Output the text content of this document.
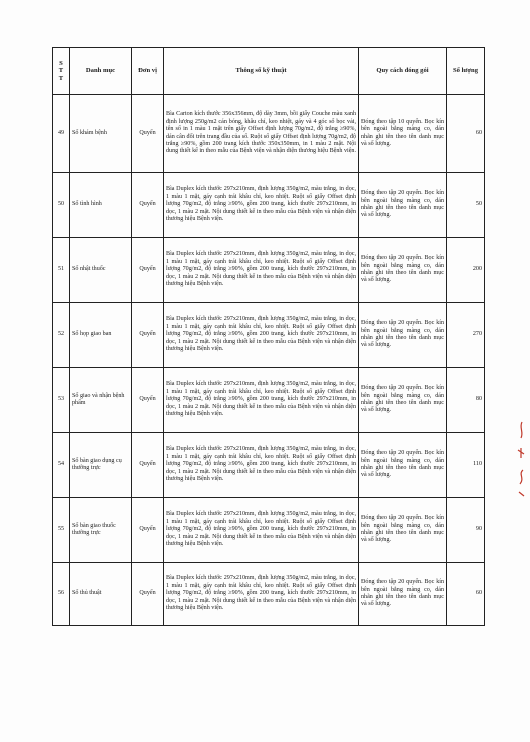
STT	Danh mục	Đơn vị	Thông số kỹ thuật	Quy cách đóng gói	Số lượng
49	Sổ khám bệnh	Quyển	Bìa Carton kích thước 356x356mm, độ dày 3mm, bồi giấy Couche màu xanh định lượng 250g/m2 cán bóng, khâu chỉ, keo nhiệt, gáy và 4 góc sổ bọc vải, tên sổ in 1 màu 1 mặt trên giấy Offset định lượng 70g/m2, độ trắng ≥90%, dán cân đối trên trang đầu của sổ. Ruột sổ giấy Offset định lượng 70g/m2, độ trắng ≥90%, gồm 200 trang kích thước 350x350mm, in 1 màu 2 mặt. Nội dung thiết kế in theo mẫu của Bệnh viện và nhận diện thương hiệu Bệnh viện.	Đóng theo tập 10 quyển. Bọc kín bên ngoài bằng màng co, dán nhãn ghi tên theo tên danh mục và số lượng.	60
50	Sổ tình hình	Quyển	Bìa Duplex kích thước 297x210mm, định lượng 350g/m2, màu trắng, in dọc, 1 màu 1 mặt, gáy cạnh trái khâu chỉ, keo nhiệt. Ruột sổ giấy Offset định lượng 70g/m2, độ trắng ≥90%, gồm 200 trang, kích thước 297x210mm, in dọc, 1 màu 2 mặt. Nội dung thiết kế in theo mẫu của Bệnh viện và nhận diện thương hiệu Bệnh viện.	Đóng theo tập 20 quyển. Bọc kín bên ngoài bằng màng co, dán nhãn ghi tên theo tên danh mục và số lượng.	50
51	Sổ nhật thuốc	Quyển	Bìa Duplex kích thước 297x210mm, định lượng 350g/m2, màu trắng, in dọc, 1 màu 1 mặt, gáy cạnh trái khâu chỉ, keo nhiệt. Ruột sổ giấy Offset định lượng 70g/m2, độ trắng ≥90%, gồm 200 trang, kích thước 297x210mm, in dọc, 1 màu 2 mặt. Nội dung thiết kế in theo mẫu của Bệnh viện và nhận diện thương hiệu Bệnh viện.	Đóng theo tập 20 quyển. Bọc kín bên ngoài bằng màng co, dán nhãn ghi tên theo tên danh mục và số lượng.	200
52	Sổ họp giao ban	Quyển	Bìa Duplex kích thước 297x210mm, định lượng 350g/m2, màu trắng, in dọc, 1 màu 1 mặt, gáy cạnh trái khâu chỉ, keo nhiệt. Ruột sổ giấy Offset định lượng 70g/m2, độ trắng ≥90%, gồm 200 trang, kích thước 297x210mm, in dọc, 1 màu 2 mặt. Nội dung thiết kế in theo mẫu của Bệnh viện và nhận diện thương hiệu Bệnh viện.	Đóng theo tập 20 quyển. Bọc kín bên ngoài bằng màng co, dán nhãn ghi tên theo tên danh mục và số lượng.	270
53	Sổ giao và nhận bệnh phẩm	Quyển	Bìa Duplex kích thước 297x210mm, định lượng 350g/m2, màu trắng, in dọc, 1 màu 1 mặt, gáy cạnh trái khâu chỉ, keo nhiệt. Ruột sổ giấy Offset định lượng 70g/m2, độ trắng ≥90%, gồm 200 trang, kích thước 297x210mm, in dọc, 1 màu 2 mặt. Nội dung thiết kế in theo mẫu của Bệnh viện và nhận diện thương hiệu Bệnh viện.	Đóng theo tập 20 quyển. Bọc kín bên ngoài bằng màng co, dán nhãn ghi tên theo tên danh mục và số lượng.	80
54	Sổ bàn giao dụng cụ thường trực	Quyển	Bìa Duplex kích thước 297x210mm, định lượng 350g/m2, màu trắng, in dọc, 1 màu 1 mặt, gáy cạnh trái khâu chỉ, keo nhiệt. Ruột sổ giấy Offset định lượng 70g/m2, độ trắng ≥90%, gồm 200 trang, kích thước 297x210mm, in dọc, 1 màu 2 mặt. Nội dung thiết kế in theo mẫu của Bệnh viện và nhận diện thương hiệu Bệnh viện.	Đóng theo tập 20 quyển. Bọc kín bên ngoài bằng màng co, dán nhãn ghi tên theo tên danh mục và số lượng.	110
55	Sổ bàn giao thuốc thường trực	Quyển	Bìa Duplex kích thước 297x210mm, định lượng 350g/m2, màu trắng, in dọc, 1 màu 1 mặt, gáy cạnh trái khâu chỉ, keo nhiệt. Ruột sổ giấy Offset định lượng 70g/m2, độ trắng ≥90%, gồm 200 trang, kích thước 297x210mm, in dọc, 1 màu 2 mặt. Nội dung thiết kế in theo mẫu của Bệnh viện và nhận diện thương hiệu Bệnh viện.	Đóng theo tập 20 quyển. Bọc kín bên ngoài bằng màng co, dán nhãn ghi tên theo tên danh mục và số lượng.	90
56	Sổ thủ thuật	Quyển	Bìa Duplex kích thước 297x210mm, định lượng 350g/m2, màu trắng, in dọc, 1 màu 1 mặt, gáy cạnh trái khâu chỉ, keo nhiệt. Ruột sổ giấy Offset định lượng 70g/m2, độ trắng ≥90%, gồm 200 trang, kích thước 297x210mm, in dọc, 1 màu 2 mặt. Nội dung thiết kế in theo mẫu của Bệnh viện và nhận diện thương hiệu Bệnh viện.	Đóng theo tập 20 quyển. Bọc kín bên ngoài bằng màng co, dán nhãn ghi tên theo tên danh mục và số lượng.	60
